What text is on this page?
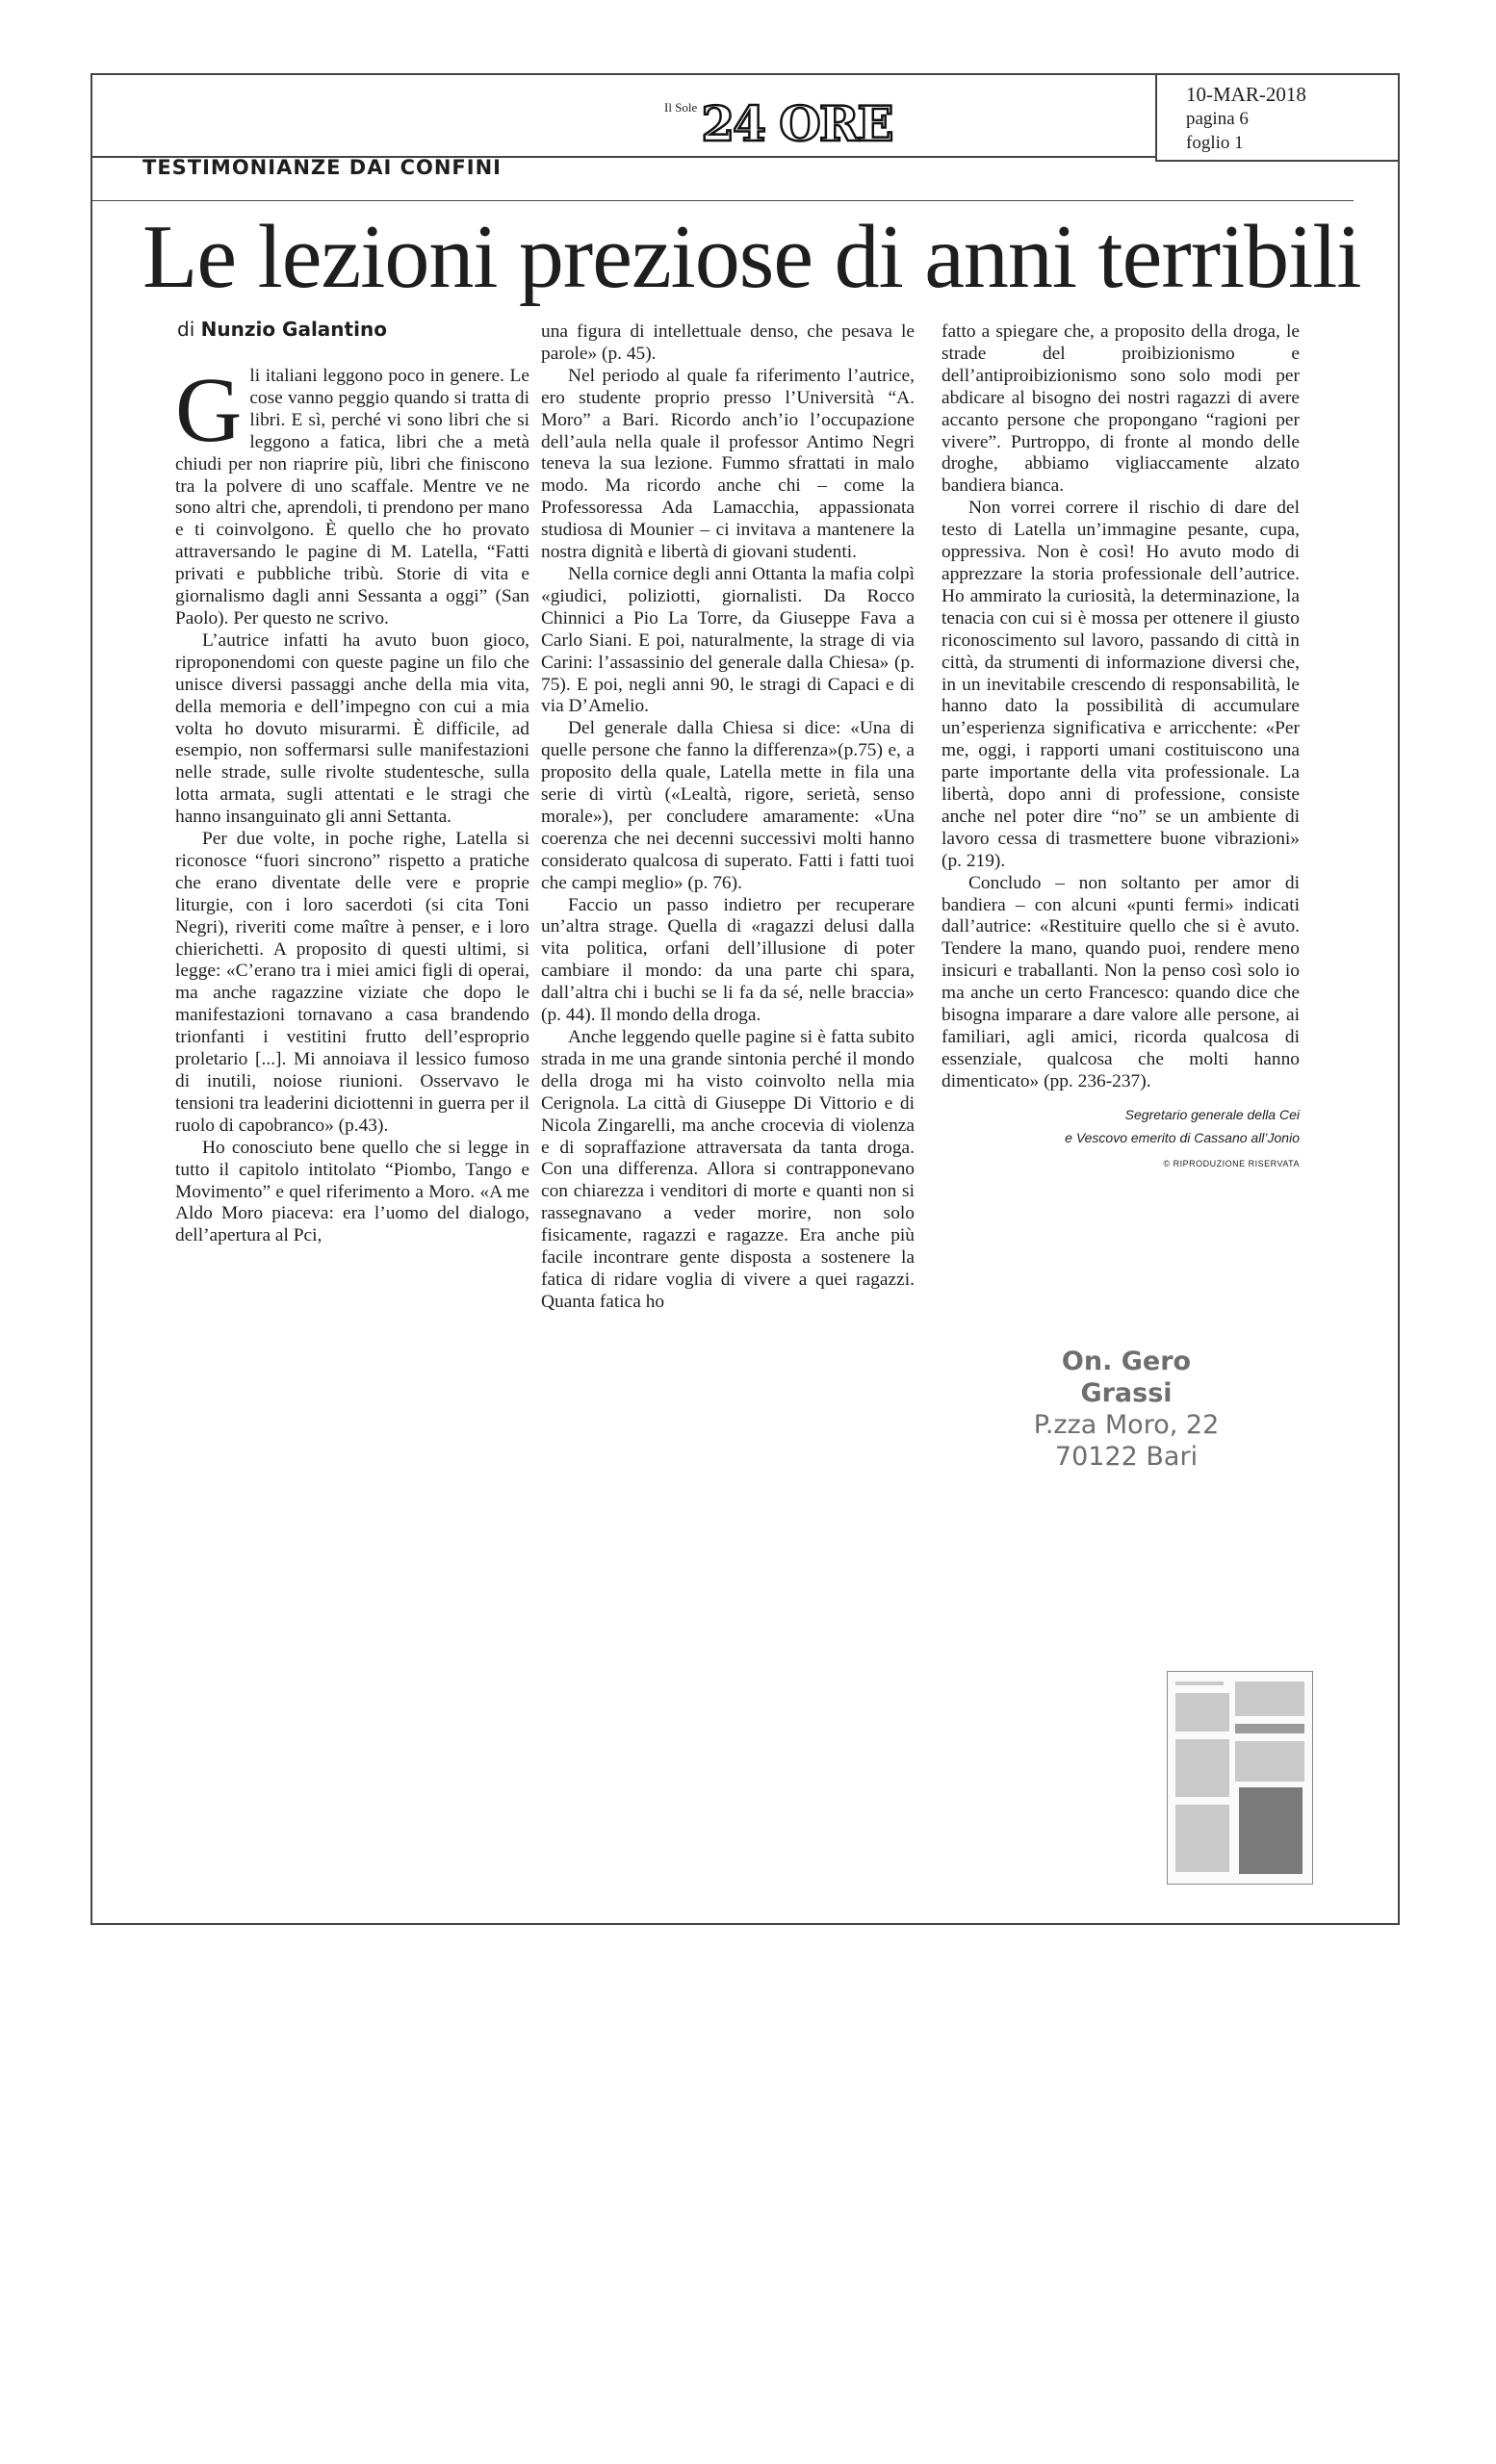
Il Sole 24 ORE
10-MAR-2018
pagina 6
foglio 1
TESTIMONIANZE DAI CONFINI
Le lezioni preziose di anni terribili
di Nunzio Galantino

Gli italiani leggono poco in genere. Le cose vanno peggio quando si tratta di libri. E sì, perché vi sono libri che si leggono a fatica, libri che a metà chiudi per non riaprire più, libri che finiscono tra la polvere di uno scaffale. Mentre ve ne sono altri che, aprendoli, ti prendono per mano e ti coinvolgono. È quello che ho provato attraversando le pagine di M. Latella, “Fatti privati e pubbliche tribù. Storie di vita e giornalismo dagli anni Sessanta a oggi” (San Paolo). Per questo ne scrivo.

L’autrice infatti ha avuto buon gioco, riproponendomi con queste pagine un filo che unisce diversi passaggi anche della mia vita, della memoria e dell’impegno con cui a mia volta ho dovuto misurarmi. È difficile, ad esempio, non soffermarsi sulle manifestazioni nelle strade, sulle rivolte studentesche, sulla lotta armata, sugli attentati e le stragi che hanno insanguinato gli anni Settanta.

Per due volte, in poche righe, Latella si riconosce “fuori sincrono” rispetto a pratiche che erano diventate delle vere e proprie liturgie, con i loro sacerdoti (si cita Toni Negri), riveriti come maître à penser, e i loro chierichetti. A proposito di questi ultimi, si legge: «C’erano tra i miei amici figli di operai, ma anche ragazzine viziate che dopo le manifestazioni tornavano a casa brandendo trionfanti i vestitini frutto dell’esproprio proletario [...]. Mi annoiava il lessico fumoso di inutili, noiose riunioni. Osservavo le tensioni tra leaderini diciottenni in guerra per il ruolo di capobranco» (p.43).

Ho conosciuto bene quello che si legge in tutto il capitolo intitolato “Piombo, Tango e Movimento” e quel riferimento a Moro. «A me Aldo Moro piaceva: era l’uomo del dialogo, dell’apertura al Pci,

una figura di intellettuale denso, che pesava le parole» (p. 45).

Nel periodo al quale fa riferimento l’autrice, ero studente proprio presso l’Università “A. Moro” a Bari. Ricordo anch’io l’occupazione dell’aula nella quale il professor Antimo Negri teneva la sua lezione. Fummo sfrattati in malo modo. Ma ricordo anche chi – come la Professoressa Ada Lamacchia, appassionata studiosa di Mounier – ci invitava a mantenere la nostra dignità e libertà di giovani studenti.

Nella cornice degli anni Ottanta la mafia colpì «giudici, poliziotti, giornalisti. Da Rocco Chinnici a Pio La Torre, da Giuseppe Fava a Carlo Siani. E poi, naturalmente, la strage di via Carini: l’assassinio del generale dalla Chiesa» (p. 75). E poi, negli anni 90, le stragi di Capaci e di via D’Amelio.

Del generale dalla Chiesa si dice: «Una di quelle persone che fanno la differenza»(p.75) e, a proposito della quale, Latella mette in fila una serie di virtù («Lealtà, rigore, serietà, senso morale»), per concludere amaramente: «Una coerenza che nei decenni successivi molti hanno considerato qualcosa di superato. Fatti i fatti tuoi che campi meglio» (p. 76).

Faccio un passo indietro per recuperare un’altra strage. Quella di «ragazzi delusi dalla vita politica, orfani dell’illusione di poter cambiare il mondo: da una parte chi spara, dall’altra chi i buchi se li fa da sé, nelle braccia» (p. 44). Il mondo della droga.

Anche leggendo quelle pagine si è fatta subito strada in me una grande sintonia perché il mondo della droga mi ha visto coinvolto nella mia Cerignola. La città di Giuseppe Di Vittorio e di Nicola Zingarelli, ma anche crocevia di violenza e di sopraffazione attraversata da tanta droga. Con una differenza. Allora si contrapponevano con chiarezza i venditori di morte e quanti non si rassegnavano a veder morire, non solo fisicamente, ragazzi e ragazze. Era anche più facile incontrare gente disposta a sostenere la fatica di ridare voglia di vivere a quei ragazzi. Quanta fatica ho

fatto a spiegare che, a proposito della droga, le strade del proibizionismo e dell’antiproibizionismo sono solo modi per abdicare al bisogno dei nostri ragazzi di avere accanto persone che propongano “ragioni per vivere”. Purtroppo, di fronte al mondo delle droghe, abbiamo vigliaccamente alzato bandiera bianca.

Non vorrei correre il rischio di dare del testo di Latella un’immagine pesante, cupa, oppressiva. Non è così! Ho avuto modo di apprezzare la storia professionale dell’autrice. Ho ammirato la curiosità, la determinazione, la tenacia con cui si è mossa per ottenere il giusto riconoscimento sul lavoro, passando di città in città, da strumenti di informazione diversi che, in un inevitabile crescendo di responsabilità, le hanno dato la possibilità di accumulare un’esperienza significativa e arricchente: «Per me, oggi, i rapporti umani costituiscono una parte importante della vita professionale. La libertà, dopo anni di professione, consiste anche nel poter dire “no” se un ambiente di lavoro cessa di trasmettere buone vibrazioni» (p. 219).

Concludo – non soltanto per amor di bandiera – con alcuni «punti fermi» indicati dall’autrice: «Restituire quello che si è avuto. Tendere la mano, quando puoi, rendere meno insicuri e traballanti. Non la penso così solo io ma anche un certo Francesco: quando dice che bisogna imparare a dare valore alle persone, ai familiari, agli amici, ricorda qualcosa di essenziale, qualcosa che molti hanno dimenticato» (pp. 236-237).

Segretario generale della Cei
e Vescovo emerito di Cassano all’Jonio
© RIPRODUZIONE RISERVATA
On. Gero Grassi
P.zza Moro, 22
70122 Bari
